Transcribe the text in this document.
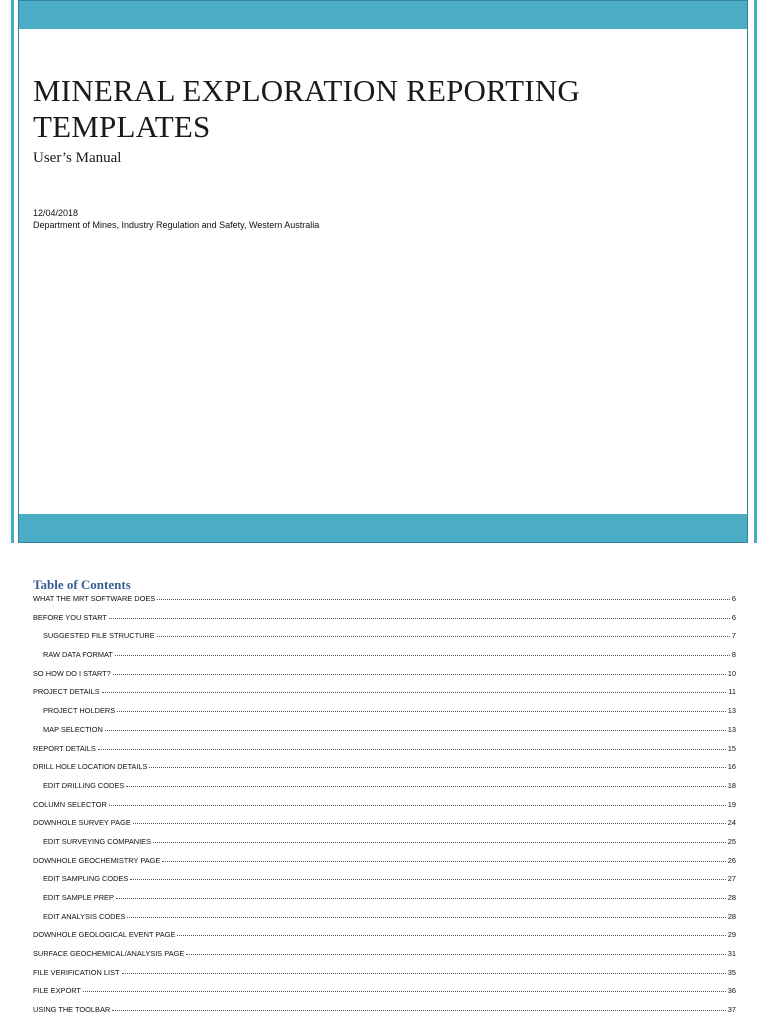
MINERAL EXPLORATION REPORTING TEMPLATES
User’s Manual
12/04/2018
Department of Mines, Industry Regulation and Safety, Western Australia
Table of Contents
WHAT THE MRT SOFTWARE DOES	6
BEFORE YOU START	6
SUGGESTED FILE STRUCTURE	7
RAW DATA FORMAT	8
SO HOW DO I START?	10
PROJECT DETAILS	11
PROJECT HOLDERS	13
MAP SELECTION	13
REPORT DETAILS	15
DRILL HOLE LOCATION DETAILS	16
EDIT DRILLING CODES	18
COLUMN SELECTOR	19
DOWNHOLE SURVEY PAGE	24
EDIT SURVEYING COMPANIES	25
DOWNHOLE GEOCHEMISTRY PAGE	26
EDIT SAMPLING CODES	27
EDIT SAMPLE PREP	28
EDIT ANALYSIS CODES	28
DOWNHOLE GEOLOGICAL EVENT PAGE	29
SURFACE GEOCHEMICAL/ANALYSIS PAGE	31
FILE VERIFICATION LIST	35
FILE EXPORT	36
USING THE TOOLBAR	37
